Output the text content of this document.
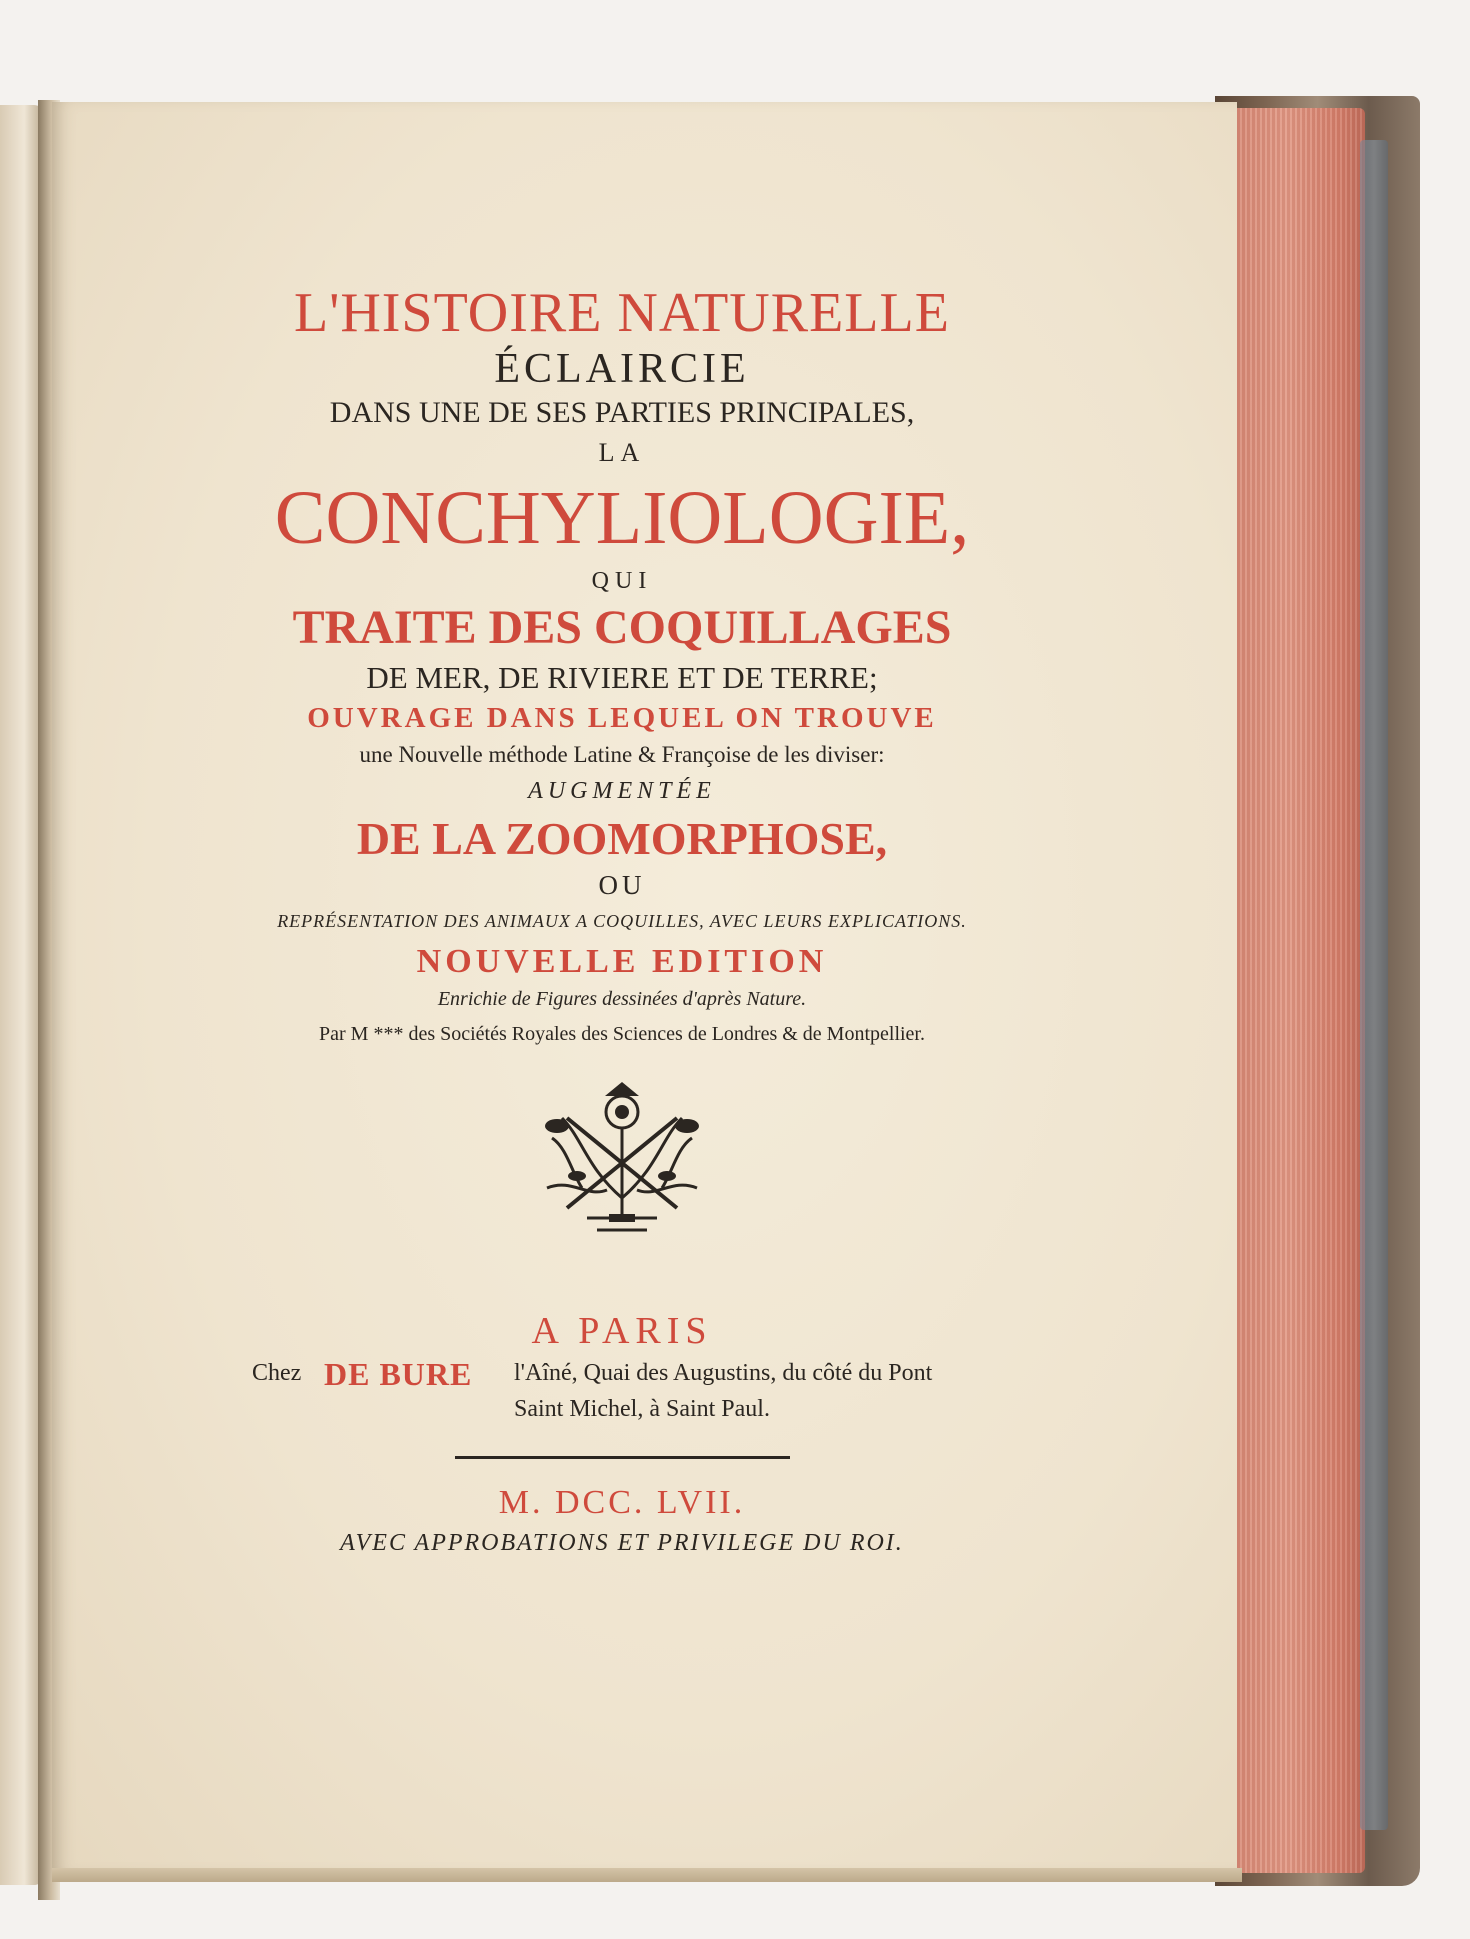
L'HISTOIRE NATURELLE
ÉCLAIRCIE
DANS UNE DE SES PARTIES PRINCIPALES,
LA
CONCHYLIOLOGIE,
QUI
TRAITE DES COQUILLAGES
DE MER, DE RIVIERE ET DE TERRE;
OUVRAGE DANS LEQUEL ON TROUVE
une Nouvelle méthode Latine & Françoise de les diviser:
AUGMENTÉE
DE LA ZOOMORPHOSE,
OU
REPRÉSENTATION DES ANIMAUX A COQUILLES, AVEC LEURS EXPLICATIONS.
NOUVELLE EDITION
Enrichie de Figures dessinées d'après Nature.
Par M *** des Sociétés Royales des Sciences de Londres & de Montpellier.
A PARIS
Chez DE BURE l'Aîné, Quai des Augustins, du côté du Pont
Saint Michel, à Saint Paul.
M. DCC. LVII.
AVEC APPROBATIONS ET PRIVILEGE DU ROI.
